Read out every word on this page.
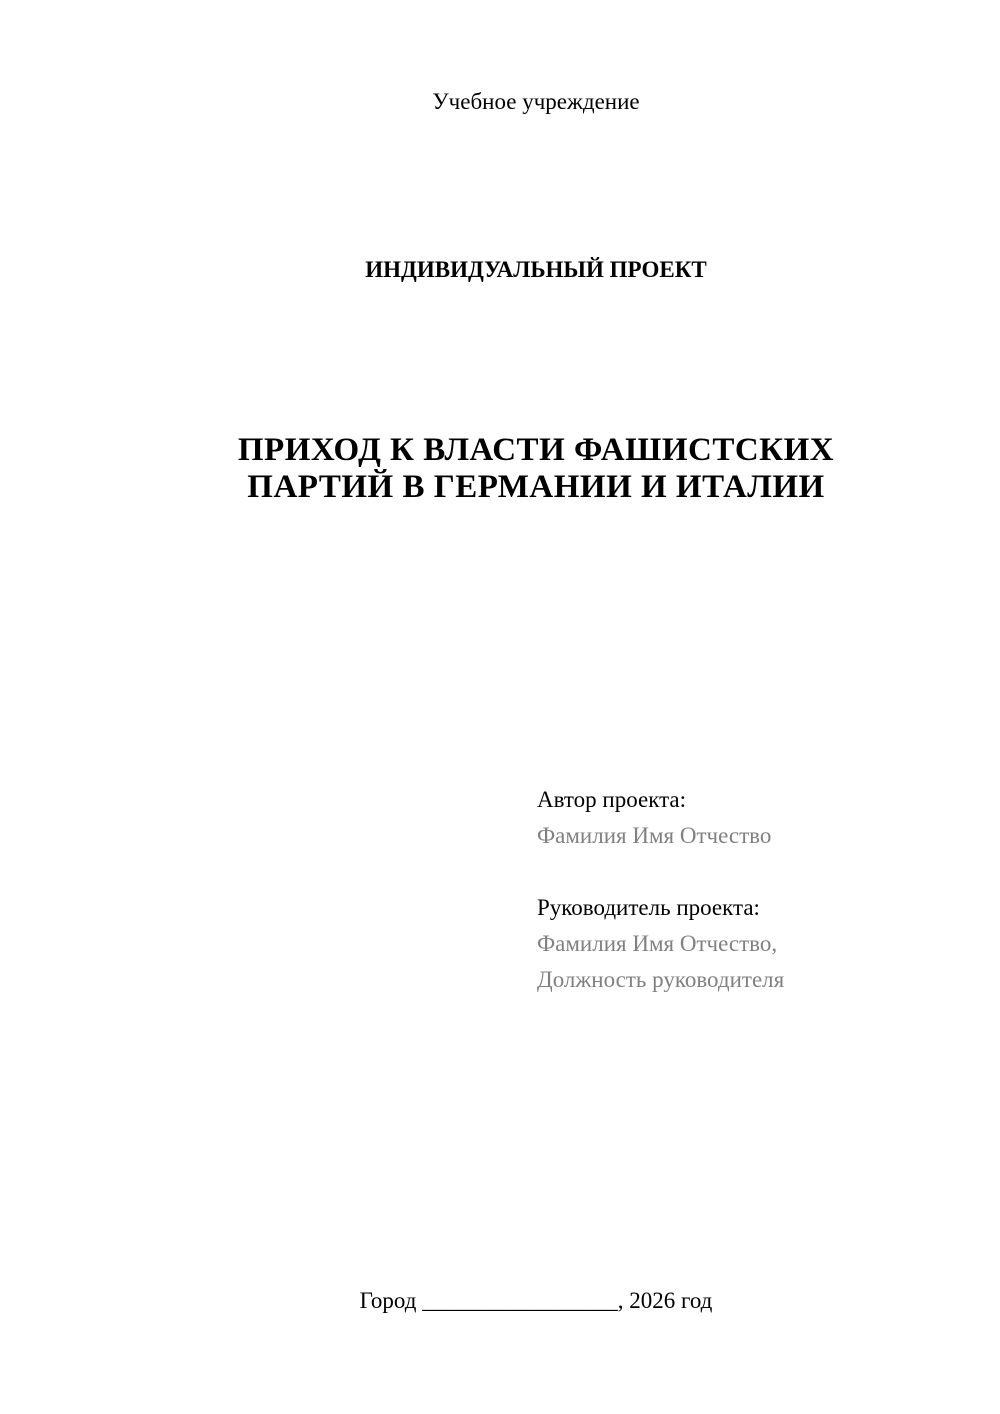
Учебное учреждение

ИНДИВИДУАЛЬНЫЙ ПРОЕКТ

ПРИХОД К ВЛАСТИ ФАШИСТСКИХ
ПАРТИЙ В ГЕРМАНИИ И ИТАЛИИ

Автор проекта:

Фамилия Имя Отчество

Руководитель проекта:

Фамилия Имя Отчество,

Должность руководителя

Город _________________, 2026 год
